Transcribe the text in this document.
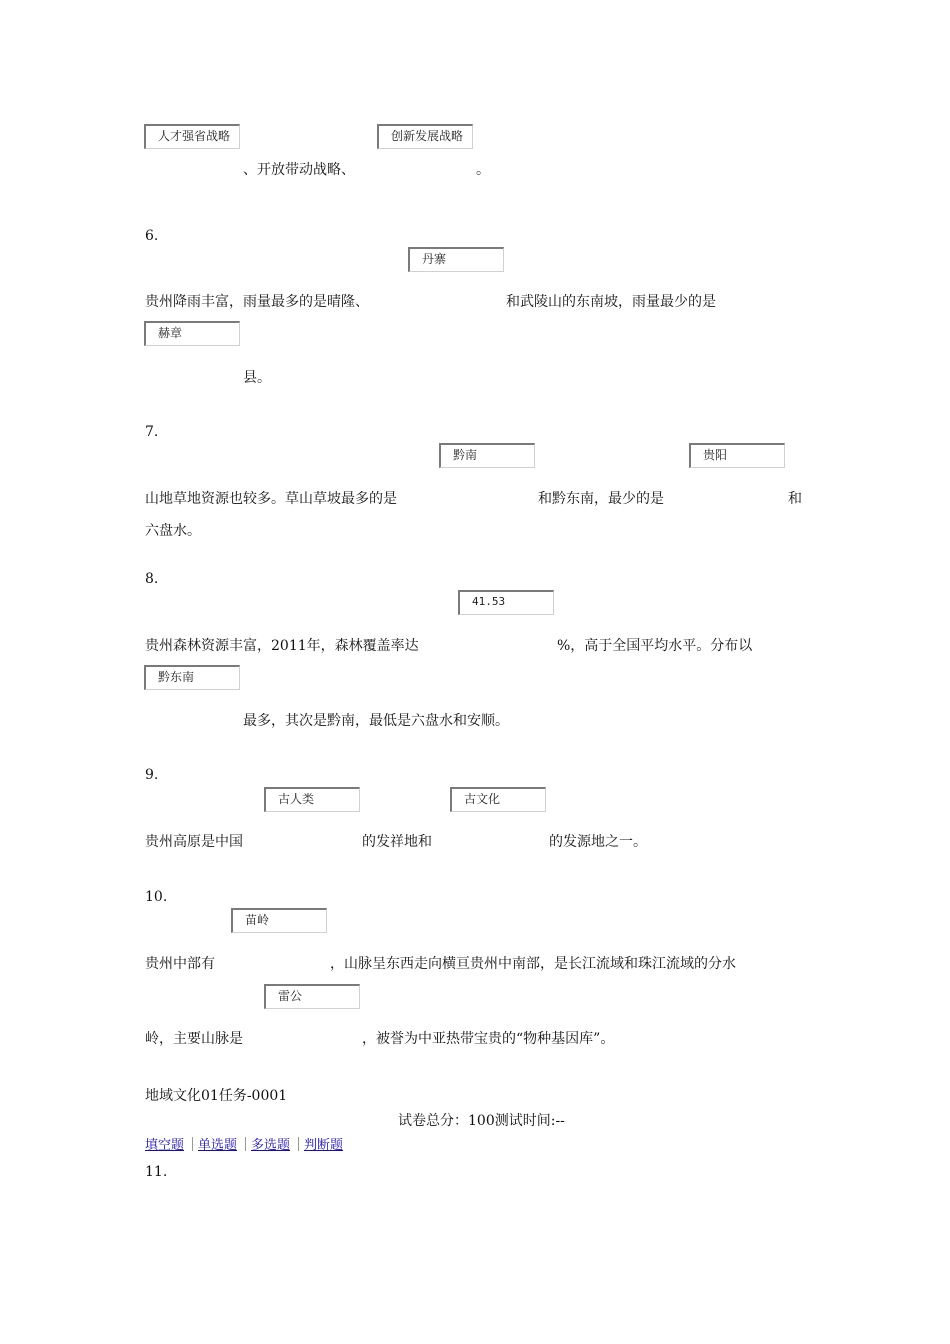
人才强省战略	创新发展战略
、开放带动战略、	。
6.
丹寨
贵州降雨丰富，雨量最多的是晴隆、	和武陵山的东南坡，雨量最少的是
赫章
县。
7.
黔南	贵阳
山地草地资源也较多。草山草坡最多的是	和黔东南，最少的是	和
六盘水。
8.
41.53
贵州森林资源丰富，2011年，森林覆盖率达	%，高于全国平均水平。分布以
黔东南
最多，其次是黔南，最低是六盘水和安顺。
9.
古人类	古文化
贵州高原是中国	的发祥地和	的发源地之一。
10.
苗岭
贵州中部有	，山脉呈东西走向横亘贵州中南部，是长江流域和珠江流域的分水
雷公
岭，主要山脉是	，被誉为中亚热带宝贵的“物种基因库”。
地域文化01任务-0001
试卷总分：100测试时间:--
填空题 单选题 多选题 判断题
11.
